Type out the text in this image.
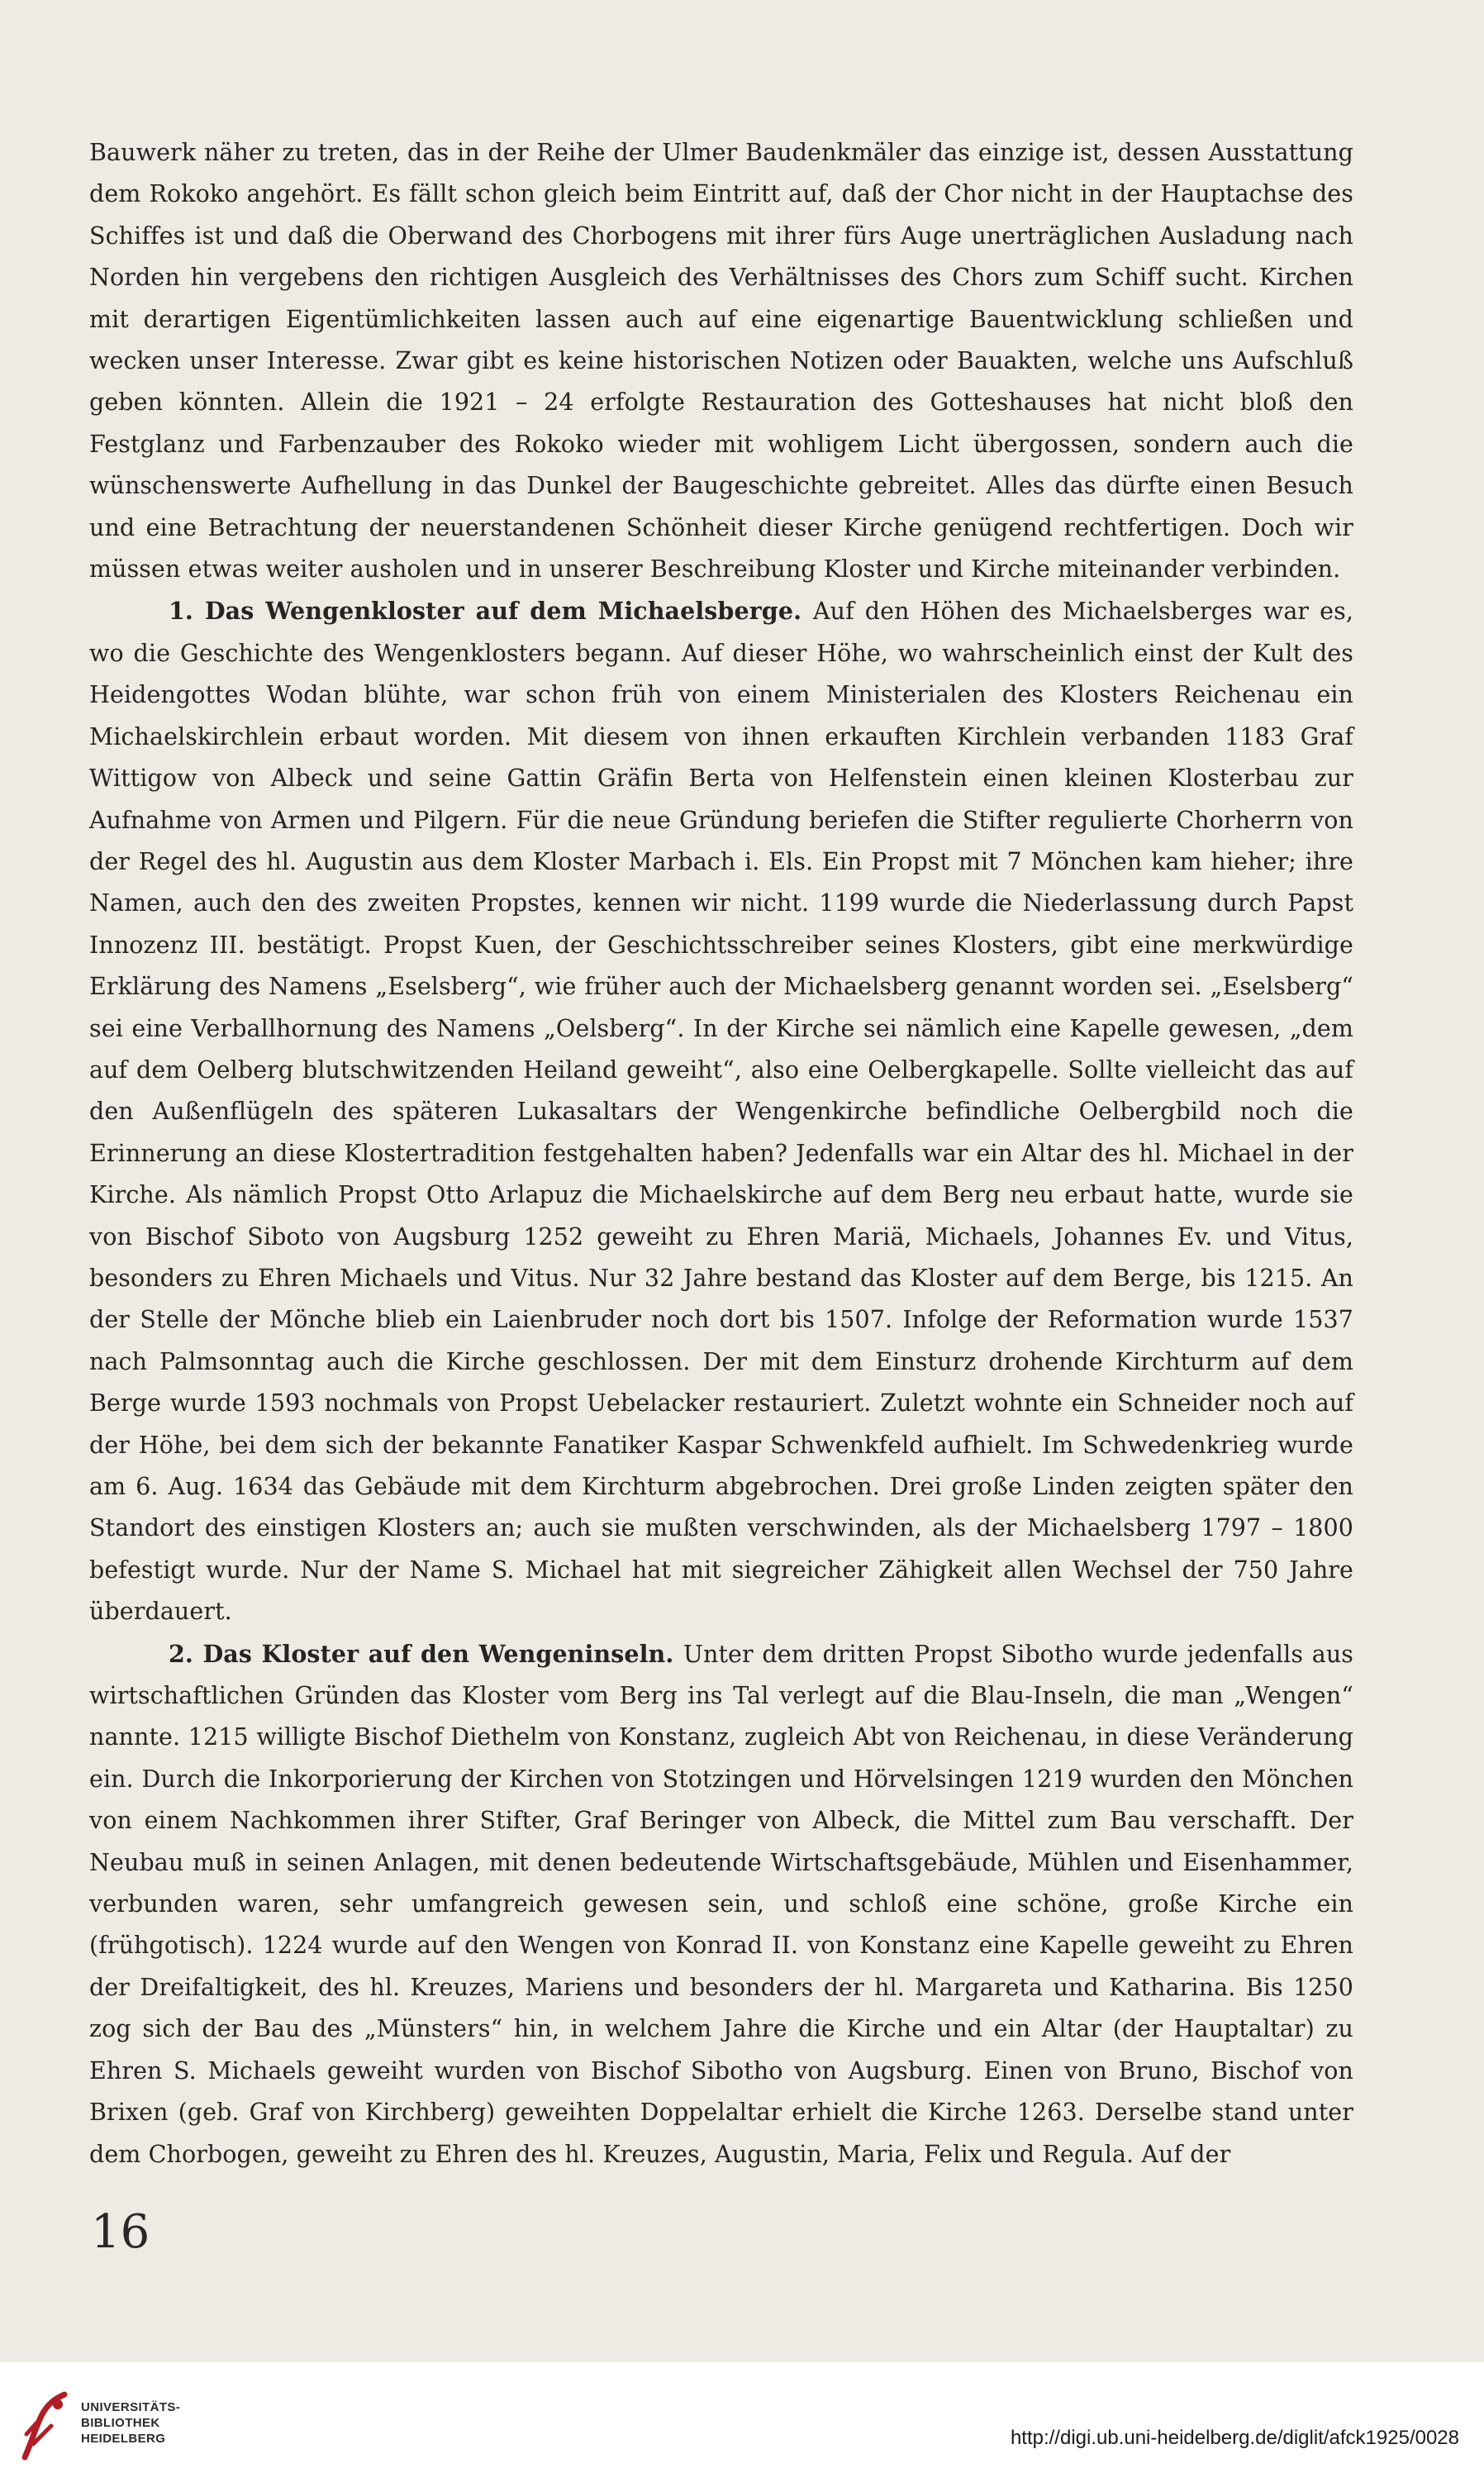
Bauwerk näher zu treten, das in der Reihe der Ulmer Baudenkmäler das einzige ist, dessen Ausstattung dem Rokoko angehört. Es fällt schon gleich beim Eintritt auf, daß der Chor nicht in der Hauptachse des Schiffes ist und daß die Oberwand des Chorbogens mit ihrer fürs Auge unerträglichen Ausladung nach Norden hin vergebens den richtigen Ausgleich des Verhältnisses des Chors zum Schiff sucht. Kirchen mit derartigen Eigentümlichkeiten lassen auch auf eine eigenartige Bauentwicklung schließen und wecken unser Interesse. Zwar gibt es keine historischen Notizen oder Bauakten, welche uns Aufschluß geben könnten. Allein die 1921 – 24 erfolgte Restauration des Gotteshauses hat nicht bloß den Festglanz und Farbenzauber des Rokoko wieder mit wohligem Licht übergossen, sondern auch die wünschenswerte Aufhellung in das Dunkel der Baugeschichte gebreitet. Alles das dürfte einen Besuch und eine Betrachtung der neuerstandenen Schönheit dieser Kirche genügend rechtfertigen. Doch wir müssen etwas weiter ausholen und in unserer Beschreibung Kloster und Kirche miteinander verbinden.

1. Das Wengenkloster auf dem Michaelsberge. Auf den Höhen des Michaelsberges war es, wo die Geschichte des Wengenklosters begann. Auf dieser Höhe, wo wahrscheinlich einst der Kult des Heidengottes Wodan blühte, war schon früh von einem Ministerialen des Klosters Reichenau ein Michaelskirchlein erbaut worden. Mit diesem von ihnen erkauften Kirchlein verbanden 1183 Graf Wittigow von Albeck und seine Gattin Gräfin Berta von Helfenstein einen kleinen Klosterbau zur Aufnahme von Armen und Pilgern. Für die neue Gründung beriefen die Stifter regulierte Chorherrn von der Regel des hl. Augustin aus dem Kloster Marbach i. Els. Ein Propst mit 7 Mönchen kam hieher; ihre Namen, auch den des zweiten Propstes, kennen wir nicht. 1199 wurde die Niederlassung durch Papst Innozenz III. bestätigt. Propst Kuen, der Geschichtsschreiber seines Klosters, gibt eine merkwürdige Erklärung des Namens „Eselsberg“, wie früher auch der Michaelsberg genannt worden sei. „Eselsberg“ sei eine Verballhornung des Namens „Oelsberg“. In der Kirche sei nämlich eine Kapelle gewesen, „dem auf dem Oelberg blutschwitzenden Heiland geweiht“, also eine Oelbergkapelle. Sollte vielleicht das auf den Außenflügeln des späteren Lukasaltars der Wengenkirche befindliche Oelbergbild noch die Erinnerung an diese Klostertradition festgehalten haben? Jedenfalls war ein Altar des hl. Michael in der Kirche. Als nämlich Propst Otto Arlapuz die Michaelskirche auf dem Berg neu erbaut hatte, wurde sie von Bischof Siboto von Augsburg 1252 geweiht zu Ehren Mariä, Michaels, Johannes Ev. und Vitus, besonders zu Ehren Michaels und Vitus. Nur 32 Jahre bestand das Kloster auf dem Berge, bis 1215. An der Stelle der Mönche blieb ein Laienbruder noch dort bis 1507. Infolge der Reformation wurde 1537 nach Palmsonntag auch die Kirche geschlossen. Der mit dem Einsturz drohende Kirchturm auf dem Berge wurde 1593 nochmals von Propst Uebelacker restauriert. Zuletzt wohnte ein Schneider noch auf der Höhe, bei dem sich der bekannte Fanatiker Kaspar Schwenkfeld aufhielt. Im Schwedenkrieg wurde am 6. Aug. 1634 das Gebäude mit dem Kirchturm abgebrochen. Drei große Linden zeigten später den Standort des einstigen Klosters an; auch sie mußten verschwinden, als der Michaelsberg 1797 – 1800 befestigt wurde. Nur der Name S. Michael hat mit siegreicher Zähigkeit allen Wechsel der 750 Jahre überdauert.

2. Das Kloster auf den Wengeninseln. Unter dem dritten Propst Sibotho wurde jedenfalls aus wirtschaftlichen Gründen das Kloster vom Berg ins Tal verlegt auf die Blau-Inseln, die man „Wengen“ nannte. 1215 willigte Bischof Diethelm von Konstanz, zugleich Abt von Reichenau, in diese Veränderung ein. Durch die Inkorporierung der Kirchen von Stotzingen und Hörvelsingen 1219 wurden den Mönchen von einem Nachkommen ihrer Stifter, Graf Beringer von Albeck, die Mittel zum Bau verschafft. Der Neubau muß in seinen Anlagen, mit denen bedeutende Wirtschaftsgebäude, Mühlen und Eisenhammer, verbunden waren, sehr umfangreich gewesen sein, und schloß eine schöne, große Kirche ein (frühgotisch). 1224 wurde auf den Wengen von Konrad II. von Konstanz eine Kapelle geweiht zu Ehren der Dreifaltigkeit, des hl. Kreuzes, Mariens und besonders der hl. Margareta und Katharina. Bis 1250 zog sich der Bau des „Münsters“ hin, in welchem Jahre die Kirche und ein Altar (der Hauptaltar) zu Ehren S. Michaels geweiht wurden von Bischof Sibotho von Augsburg. Einen von Bruno, Bischof von Brixen (geb. Graf von Kirchberg) geweihten Doppelaltar erhielt die Kirche 1263. Derselbe stand unter dem Chorbogen, geweiht zu Ehren des hl. Kreuzes, Augustin, Maria, Felix und Regula. Auf der

16
UNIVERSITÄTS-
BIBLIOTHEK
HEIDELBERG	http://digi.ub.uni-heidelberg.de/diglit/afck1925/0028
